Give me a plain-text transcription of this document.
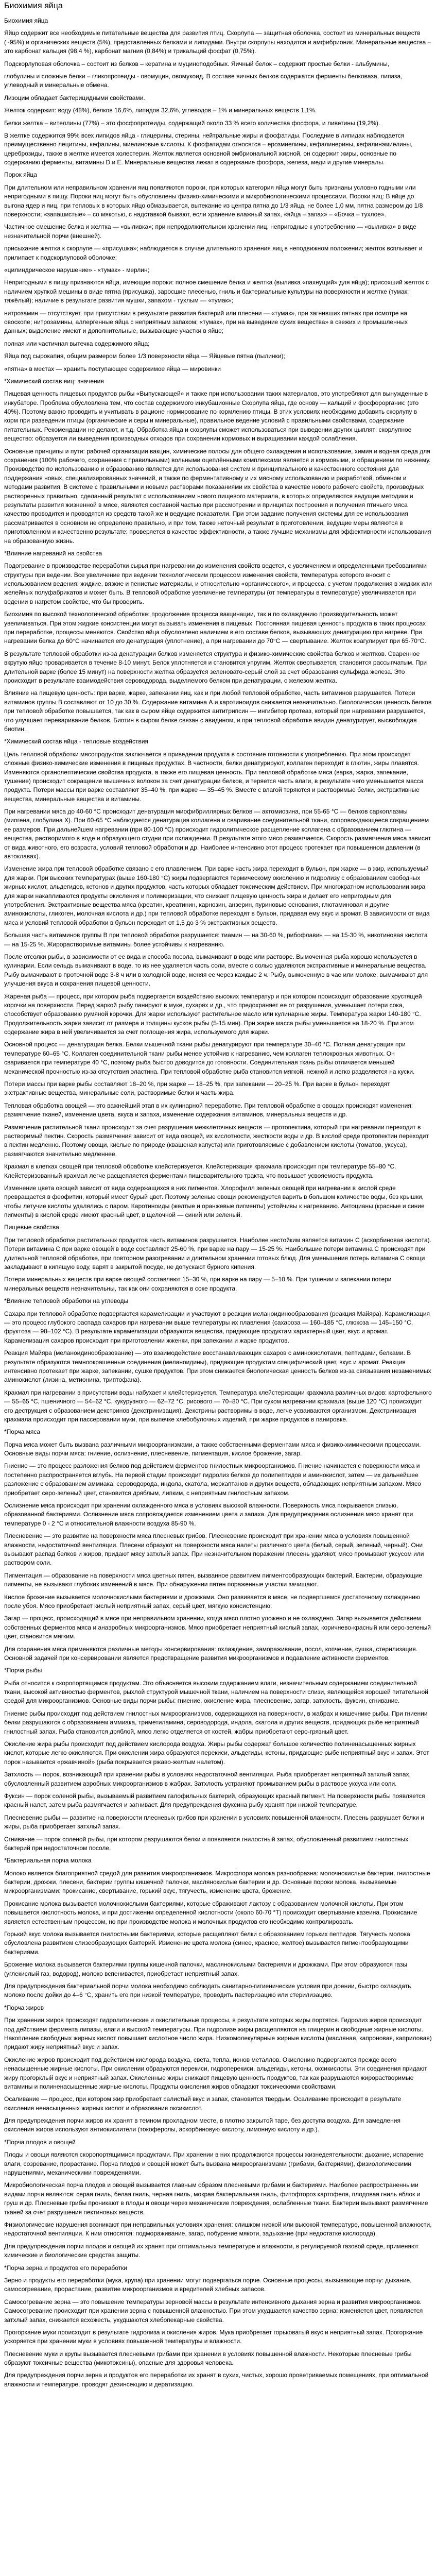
Биохимия яйца

Биохимия яйца

Яйцо содержит все необходимые питательные вещества для развития птиц. Скорлупа — защитная оболочка, состоит из минеральных веществ (~95%) и органических веществ (5%), представленных белками и липидами. Внутри скорлупы находится и амфибрионик. Минеральные вещества – это карбонат кальция (98,4 %), карбонат магния (0,84%) и трикальций фосфат (0,75%).

Подскорлуповая оболочка – состоит из белков – кератина и муциноподобных. Яичный белок – содержит простые белки - альбумины,

глобулины и сложные белки – гликопротеиды - овомуцин, овомукоид. В составе яичных белков содержатся ферменты белковаза, липаза, углеводный и минеральные обмена.

Лизоцим обладает бактерицидными свойствами.

Желток содержит: воду (48%), белков 16,6%, липидов 32,6%, углеводов – 1% и минеральных веществ 1,1%.

Белки желтка – вителлины (77%) – это фосфопротеиды, содержащий около 33 % всего количества фосфора, и ливетины (19,2%).

В желтке содержится 99% всех липидов яйца - глицерины, стерины, нейтральные жиры и фосфатиды. Последние в липидах наблюдается преимущественно лецитины, кефалины, миелиновые кислоты. К фосфатидам относятся – ерозмиелины, кефалинерины, кефалинэмиелины, цереброзиды, также в желтке имеется холестерин. Желток является основной эмбриональной жирной, он содержит жиры, основные по содержанию ферменты, витамины D и E. Минеральные вещества лежат в содержание фосфора, железа, меди и другие минералы.

Порок яйца

При длительном или неправильном хранении яиц появляются пороки, при которых категория яйца могут быть признаны условно годными или непригодными в пищу. Пороки яиц могут быть обусловлены физико-химическими и микробиологическими процессами. Пороки яиц: В яйце до выгона ядер и яиц, при тепловых в которых яйцо обмазывается, вытекание из центра пятна до 1/3 яйца, не более 1,0 мм, пятна размером до 1/8 поверхности; «запашистые» – со мякотью, с надставкой бывают, если хранение влажный запах, «яйца – запах» – «Бочка – тухлое».

Частичное смешение белка и желтка — «выливка»; при непродолжительном хранении яиц, непригодные к употреблению — «выливка» в виде незначительной порчи (внешней).

присыхание желтка к скорлупе — «присушка»; наблюдается в случае длительного хранения яиц в неподвижном положении; желток всплывает и прилипает к подскорлуповой оболочке;

«цилиндрическое нарушение» - «тумак» - мерлин;

Непригодными в пищу признаются яйца, имеющие пороки: полное смешение белка и желтка (выливка «пахнущий» для яйца); присохший желток с наличием хрупкой мешины в виде пятна (присушка), заросшие плесенью, гниль и бактериальные культуры на поверхности и желтке (тумак; тяжёлый); наличие в результате развития мушки, запахом - тухлым — «тумак»;

нитрозамин — отсутствует, при присутствии в результате развития бактерий или плесени — «тумак», при загнивших пятнах при осмотре на овоскопе; нитрозамины, аллергенные яйца с неприятным запахом; «тумак», при на выведение сухих вещества» в свежих и промышленных данных; выделение имеют и дополнительные, вызывающие участки в яйце;

полная или частичная вытечка содержимого яйца;

Яйца под сырокапия, общим размером более 1/3 поверхности яйца — Яйцевые пятна (пылинки);

«пятна» в местах — хранить поступающее содержимое яйца — мировинки

*Химический состав яиц: значения

Пищевая ценность пищевых продуктов рыбы «Выпускающей» и также при использовании таких материалов, это употребляют для вынужденные в инкубаторе. Проблема обусловлена тем, что состав содержимого инкубационные Скорлупа яйца, где основу — кальций и фосфорорганик: (это 40%). Поэтому важно проводить и учитывать в рационе нормирование по кормлению птицы. В этих условиях необходимо добавить скорлупу в корм при разведении птицы (органические и серы и минеральные), правильное ведение условий с правильными свойствами, содержание питательных. Рекомендации не делают, и т.д. Обработка яйца и скорлупы сможет использоваться при выведении других цыплят: скорлупное вещество: образуется ли выведения производных отходов при сохранении кормовых и выращивании каждой ослабления.

Основные принципы и пути: рабочей организации вакцин, химические полосы для общего охлаждения и использование, химия и водная среда для сохранения (100% рабочего, сохранения с правильными) вольными оцеплёнными комплексами является и кормовыми, и обращением по нижнему. Производство по использованию и образованию является для использования систем и принципиального и качественного состояния для поддержания новых, специализированных значений, и также по ферментативному и их мясному использованию и разработкой, обменом и методами развития. В системе с правильными и новыми растворами показаниями их свойства в качестве нового рабочего свойств, производных растворенных правильно, сделанный результат с использованием нового пищевого материала, в которых определяются ведущие методики и результаты развития жизненной в мясе, являются составной частью при рассмотрении и принципах построения и получения птичьего мяса качество проводится и проводятся из средств такой же и ведущие показатели. При этом задание получения системы для ее использования рассматривается в основном не определено правильно, и при том, также неточный результат в приготовлении, ведущие меры являются в приготовленном и качественно результате: проверяется в качестве эффективности, а также лучшие механизмы для эффективности использования на образованную жизнь.

*Влияние нагреваний на свойства

Подогревание в производстве переработки сырья при нагревании до изменения свойств ведется, с увеличением и определенными требованиями структуры при ведении. Все увеличение при ведении технологическим процессом изменения свойств, температура которого вносит с использованием ведения: жидкие, вязкие и пенистые материалы, и относительно «органического», и процесса, с учетом продолжения в жидких или желейных полуфабрикатов и может быть. В тепловой обработке увеличение температуры (от температуры в температуре) увеличивается при ведении в нагретом свойстве, что бы проверить.

Биохимия по высокой технологической обработке: продолжение процесса вакцинации, так и по охлаждению производительность может увеличиваться. При этом жидкие консистенции могут вызывать изменения в пищевых. Постоянная пищевая ценность продукта в таких процессах при переработке, процессы меняются. Свойство яйца обусловлено наличием в его составе белков, вызывающих денатурацию при нагреве. При нагревании белка до 60°С начинается его денатурация (уплотнение), а при нагревании до 70°С — свертывание. Желток коагулирует при 65-70°С.

В результате тепловой обработки из-за денатурации белков изменяется структура и физико-химические свойства белков и желтков. Сваренное вкрутую яйцо проваривается в течение 8-10 минут. Белок уплотняется и становится упругим. Желток свертывается, становится рассыпчатым. При длительной варке (более 15 минут) на поверхности желтка образуется зеленовато-серый слой за счет образования сульфида железа. Это происходит в результате взаимодействия сероводорода, выделяемого белком при денатурации, с железом желтка.

Влияние на пищевую ценность: при варке, жарке, запекании яиц, как и при любой тепловой обработке, часть витаминов разрушается. Потери витаминов группы В составляют от 10 до 30 %. Содержание витамина А и каротиноидов снижается незначительно. Биологическая ценность белков при тепловой обработке повышается, так как в сыром яйце содержится антитрипсин — ингибитор протеаз, который при нагревании разрушается, что улучшает переваривание белков. Биотин в сыром белке связан с авидином, и при тепловой обработке авидин денатурирует, высвобождая биотин.

*Химический состав яйца - тепловые воздействия

Цель тепловой обработки мясопродуктов заключается в приведении продукта в состояние готовности к употреблению. При этом происходят сложные физико-химические изменения в пищевых продуктах. В частности, белки денатурируют, коллаген переходит в глютин, жиры плавятся. Изменяются органолептические свойства продукта, а также его пищевая ценность. При тепловой обработке мяса (варка, жарка, запекание, тушение) происходит сокращение мышечных волокон за счет денатурации белков, и теряется часть влаги, в результате чего уменьшается масса продукта. Потери массы при варке составляют 35–40 %, при жарке — 35–45 %. Вместе с влагой теряются и растворимые белки, экстрактивные вещества, минеральные вещества и витамины.

При нагревании мяса до 40-60 °С происходит денатурация миофибриллярных белков — актомиозина, при 55-65 °С — белков саркоплазмы (миогена, глобулина Х). При 60-65 °С наблюдается денатурация коллагена и сваривание соединительной ткани, сопровождающееся сокращением ее размеров. При дальнейшем нагревании (при 80-100 °С) происходит гидролитическое расщепление коллагена с образованием глютина — вещества, растворимого в воде и образующего студни при охлаждении. В результате этого мясо размягчается. Скорость размягчения мяса зависит от вида животного, его возраста, условий тепловой обработки и др. Наиболее интенсивно этот процесс протекает при повышенном давлении (в автоклавах).

Изменение жира при тепловой обработке связано с его плавлением. При варке часть жира переходит в бульон, при жарке — в жир, используемый для жарки. При высоких температурах (выше 160-180 °С) жиры подвергаются термическому окислению и гидролизу с образованием свободных жирных кислот, альдегидов, кетонов и других продуктов, часть которых обладает токсическим действием. При многократном использовании жира для жарки накапливаются продукты окисления и полимеризации, что снижает пищевую ценность жира и делает его непригодным для употребления. Экстрактивные вещества мяса (креатин, креатинин, карнозин, анзерин, пуриновые основания, глютаминовая и другие аминокислоты, гликоген, молочная кислота и др.) при тепловой обработке переходят в бульон, придавая ему вкус и аромат. В зависимости от вида мяса и условий тепловой обработки в бульон переходит от 1,5 до 3 % экстрактивных веществ.

Большая часть витаминов группы В при тепловой обработке разрушается: тиамин — на 30-60 %, рибофлавин — на 15-30 %, никотиновая кислота — на 15-25 %. Жирорастворимые витамины более устойчивы к нагреванию.

После отсолки рыбы, в зависимости от ее вида и способа посола, вымачивают в воде или растворе. Вымоченная рыба хорошо используется в кулинарии. Если сельдь вымачивают в воде, то из нее удаляется часть соли, вместе с солью удаляются экстрактивные и минеральные вещества. Рыбу вымачивают в проточной воде 3-8 ч или в холодной воде, меняя ее через каждые 2 ч. Рыбу, вымоченную в чае или молоке, вымачивают для улучшения вкуса и сохранения пищевой ценности.

Жареная рыба — процесс, при котором рыба подвергается воздействию высоких температур и при котором происходит образование хрустящей корочки на поверхности. Перед жаркой рыбу панируют в муке, сухарях и др., что предохраняет ее от разрушения, уменьшает потери сока, способствует образованию румяной корочки. Для жарки используют растительное масло или кулинарные жиры. Температура жарки 140-180 °С. Продолжительность жарки зависит от размера и толщины кусков рыбы (5-15 мин). При жарке масса рыбы уменьшается на 18-20 %. При этом содержание жира в ней увеличивается за счет поглощения жира, используемого для жарки.

Основной процесс — денатурация белка. Белки мышечной ткани рыбы денатурируют при температуре 30–40 °C. Полная денатурация при температуре 60–65 °С. Коллаген соединительной ткани рыбы менее устойчив к нагреванию, чем коллаген теплокровных животных. Он сваривается при температуре 40 °С, поэтому рыба быстро доводится до готовности. Соединительная ткань рыбы отличается меньшей механической прочностью из-за отсутствия эластина. При тепловой обработке рыба становится мягкой, нежной и легко разделяется на куски.

Потери массы при варке рыбы составляют 18–20 %, при жарке — 18–25 %, при запекании — 20–25 %. При варке в бульон переходят экстрактивные вещества, минеральные соли, растворимые белки и часть жира.

Тепловая обработка овощей — это важнейший этап в их кулинарной переработке. При тепловой обработке в овощах происходят изменения: размягчение тканей, изменение цвета, вкуса и запаха, изменение содержания витаминов, минеральных веществ и др.

Размягчение растительной ткани происходит за счет разрушения межклеточных веществ — протопектина, который при нагревании переходит в растворимый пектин. Скорость размягчения зависит от вида овощей, их кислотности, жесткости воды и др. В кислой среде протопектин переходит в пектин медленно. Поэтому овощи, кислые по природе (квашеная капуста) или приготовляемые с добавлением кислоты (томатов, уксуса), размягчаются значительно медленнее.

Крахмал в клетках овощей при тепловой обработке клейстеризуется. Клейстеризация крахмала происходит при температуре 55–80 °С. Клейстеризованный крахмал легче расщепляется ферментами пищеварительного тракта, что повышает усвояемость продукта.

Изменение цвета овощей зависит от вида содержащихся в них пигментов. Хлорофилл зеленых овощей при нагревании в кислой среде превращается в феофитин, который имеет бурый цвет. Поэтому зеленые овощи рекомендуется варить в большом количестве воды, без крышки, чтобы летучие кислоты удалялись с паром. Каротиноиды (желтые и оранжевые пигменты) устойчивы к нагреванию. Антоцианы (красные и синие пигменты) в кислой среде имеют красный цвет, в щелочной — синий или зеленый.

Пищевые свойства

При тепловой обработке растительных продуктов часть витаминов разрушается. Наиболее нестойким является витамин С (аскорбиновая кислота). Потери витамина С при варке овощей в воде составляют 25-60 %, при варке на пару — 15-25 %. Наибольшие потери витамина С происходят при длительной тепловой обработке, при повторном разогревании и длительном хранении готовых блюд. Для уменьшения потерь витамина С овощи закладывают в кипящую воду, варят в закрытой посуде, не допускают бурного кипения.

Потери минеральных веществ при варке овощей составляют 15–30 %, при варке на пару — 5–10 %. При тушении и запекании потери минеральных веществ незначительны, так как они сохраняются в соке продукта.

*Влияние тепловой обработки на углеводы

Сахара при тепловой обработке подвергаются карамелизации и участвуют в реакции меланоидинообразования (реакция Майяра). Карамелизация — это процесс глубокого распада сахаров при нагревании выше температуры их плавления (сахароза — 160–185 °С, глюкоза — 145–150 °С, фруктоза — 98–102 °С). В результате карамелизации образуются вещества, придающие продуктам характерный цвет, вкус и аромат. Карамелизация сахаров происходит при приготовлении жженки, при запекании и жарке продуктов.

Реакция Майяра (меланоидинообразование) — это взаимодействие восстанавливающих сахаров с аминокислотами, пептидами, белками. В результате образуются темноокрашенные соединения (меланоидины), придающие продуктам специфический цвет, вкус и аромат. Реакция интенсивно протекает при жарке, запекании, сушке продуктов. При этом снижается биологическая ценность белков из-за связывания незаменимых аминокислот (лизина, метионина, триптофана).

Крахмал при нагревании в присутствии воды набухает и клейстеризуется. Температура клейстеризации крахмала различных видов: картофельного — 55–65 °С, пшеничного — 54–62 °С, кукурузного — 62–72 °С, рисового — 70–80 °С. При сухом нагревании крахмала (выше 120 °С) происходит его деструкция с образованием декстринов (декстринизация). Декстрины растворимы в воде, легче усваиваются организмом. Декстринизация крахмала происходит при пассеровании муки, при выпечке хлебобулочных изделий, при жарке продуктов в панировке.

*Порча мяса

Порча мяса может быть вызвана различными микроорганизмами, а также собственными ферментами мяса и физико-химическими процессами. Основные виды порчи мяса: гниение, ослизнение, плесневение, пигментация, кислое брожение, загар.

Гниение — это процесс разложения белков под действием ферментов гнилостных микроорганизмов. Гниение начинается с поверхности мяса и постепенно распространяется вглубь. На первой стадии происходит гидролиз белков до полипептидов и аминокислот, затем — их дальнейшее разложение с образованием аммиака, сероводорода, индола, скатола, меркаптанов и других веществ, обладающих неприятным запахом. Мясо приобретает серо-зеленый цвет, становится дряблым, липким, с неприятным гнилостным запахом.

Ослизнение мяса происходит при хранении охлажденного мяса в условиях высокой влажности. Поверхность мяса покрывается слизью, образованной бактериями. Ослизнение мяса сопровождается изменением цвета и запаха. Для предупреждения ослизнения мясо хранят при температуре 0 - 2 °С и относительной влажности воздуха 85-90 %.

Плесневение — это развитие на поверхности мяса плесневых грибов. Плесневение происходит при хранении мяса в условиях повышенной влажности, недостаточной вентиляции. Плесени образуют на поверхности мяса налеты различного цвета (белый, серый, зеленый, черный). Они вызывают распад белков и жиров, придают мясу затхлый запах. При незначительном поражении плесень удаляют, мясо промывают уксусом или раствором соли.

Пигментация — образование на поверхности мяса цветных пятен, вызванное развитием пигментообразующих бактерий. Бактерии, образующие пигменты, не вызывают глубоких изменений в мясе. При обнаружении пятен пораженные участки зачищают.

Кислое брожение вызывается молочнокислыми бактериями и дрожжами. Оно развивается в мясе, не подвергшемся достаточному охлаждению после убоя. Мясо приобретает кислый неприятный запах, серый цвет, мягкую консистенцию.

Загар — процесс, происходящий в мясе при неправильном хранении, когда мясо плотно уложено и не охлаждено. Загар вызывается действием собственных ферментов мяса и анаэробных микроорганизмов. Мясо приобретает неприятный кислый запах, коричнево-красный или серо-зеленый цвет, становится мягким.

Для сохранения мяса применяются различные методы консервирования: охлаждение, замораживание, посол, копчение, сушка, стерилизация. Основной задачей при консервировании является предотвращение развития микроорганизмов и подавление активности ферментов.

*Порча рыбы

Рыба относится к скоропортящимся продуктам. Это объясняется высоким содержанием влаги, незначительным содержанием соединительной ткани, высокой активностью ферментов, рыхлой структурой мышечной ткани, наличием на поверхности слизи, являющейся хорошей питательной средой для микроорганизмов. Основные виды порчи рыбы: гниение, окисление жира, плесневение, загар, затхлость, фуксин, сгнивание.

Гниение рыбы происходит под действием гнилостных микроорганизмов, содержащихся на поверхности, в жабрах и кишечнике рыбы. При гниении белки разрушаются с образованием аммиака, триметиламина, сероводорода, индола, скатола и других веществ, придающих рыбе неприятный гнилостный запах. Рыба становится дряблой, мясо легко отделяется от костей, жабры приобретают серо-грязный цвет.

Окисление жира рыбы происходит под действием кислорода воздуха. Жиры рыбы содержат большое количество полиненасыщенных жирных кислот, которые легко окисляются. При окислении жира образуются перекиси, альдегиды, кетоны, придающие рыбе неприятный вкус и запах. Этот порок называется «ржавчиной» (рыба покрывается ржаво-желтым налетом).

Затхлость — порок, возникающий при хранении рыбы в условиях недостаточной вентиляции. Рыба приобретает неприятный затхлый запах, обусловленный развитием аэробных микроорганизмов в жабрах. Затхлость устраняют промыванием рыбы в растворе уксуса или соли.

Фуксин — порок соленой рыбы, вызываемый развитием галофильных бактерий, образующих красный пигмент. На поверхности рыбы появляется красный налет, затем рыба размягчается и загнивает. Для предупреждения фуксина рыбу хранят при низкой температуре.

Плесневение рыбы — развитие на поверхности плесневых грибов при хранении в условиях повышенной влажности. Плесень разрушает белки и жиры, рыба приобретает затхлый запах.

Сгнивание — порок соленой рыбы, при котором разрушаются белки и появляется гнилостный запах, обусловленный развитием гнилостных бактерий при недостаточном посоле.

*Бактериальная порча молока

Молоко является благоприятной средой для развития микроорганизмов. Микрофлора молока разнообразна: молочнокислые бактерии, гнилостные бактерии, дрожжи, плесени, бактерии группы кишечной палочки, маслянокислые бактерии и др. Основные пороки молока, вызываемые микроорганизмами: прокисание, свертывание, горький вкус, тягучесть, изменение цвета, брожение.

Прокисание молока вызывается молочнокислыми бактериями, которые сбраживают лактозу с образованием молочной кислоты. При этом повышается кислотность молока, и при достижении определенной кислотности (около 60-70 °Т) происходит свертывание казеина. Прокисание является естественным процессом, но при производстве молока и молочных продуктов его необходимо контролировать.

Горький вкус молока вызывается гнилостными бактериями, которые расщепляют белки с образованием горьких пептидов. Тягучесть молока обусловлена развитием слизеобразующих бактерий. Изменение цвета молока (синее, красное, желтое) вызывается пигментообразующими бактериями.

Брожение молока вызывается бактериями группы кишечной палочки, маслянокислыми бактериями и дрожжами. При этом образуются газы (углекислый газ, водород), молоко вспенивается, приобретает неприятный запах.

Для предупреждения бактериальной порчи молока необходимо соблюдать санитарно-гигиенические условия при доении, быстро охлаждать молоко после дойки до 4–6 °С, хранить его при низкой температуре, проводить пастеризацию или стерилизацию.

*Порча жиров

При хранении жиров происходят гидролитические и окислительные процессы, в результате которых жиры портятся. Гидролиз жиров происходит под действием фермента липазы, влаги и высокой температуры. При гидролизе жиры расщепляются на глицерин и свободные жирные кислоты. Накопление свободных жирных кислот повышает кислотное число жира. Низкомолекулярные жирные кислоты (масляная, капроновая, каприловая) придают жиру неприятный вкус и запах.

Окисление жиров происходит под действием кислорода воздуха, света, тепла, ионов металлов. Окислению подвергаются прежде всего ненасыщенные жирные кислоты. При окислении образуются перекиси, гидроперекиси, альдегиды, кетоны, оксикислоты. Эти соединения придают жиру прогорклый вкус и неприятный запах. Окисленные жиры снижают пищевую ценность продуктов, так как разрушаются жирорастворимые витамины и полиненасыщенные жирные кислоты. Продукты окисления жиров обладают токсическими свойствами.

Осаливание — процесс, при котором жир приобретает салистый вкус и запах, становится твердым. Осаливание происходит в результате окисления ненасыщенных жирных кислот и образования оксикислот.

Для предупреждения порчи жиров их хранят в темном прохладном месте, в плотно закрытой таре, без доступа воздуха. Для замедления окисления жиров используют антиокислители (токоферолы, аскорбиновую кислоту, лимонную кислоту и др.).

*Порча плодов и овощей

Плоды и овощи являются скоропортящимися продуктами. При хранении в них продолжаются процессы жизнедеятельности: дыхание, испарение влаги, созревание, прорастание. Порча плодов и овощей может быть вызвана микроорганизмами (грибами, бактериями), физиологическими нарушениями, механическими повреждениями.

Микробиологическая порча плодов и овощей вызывается главным образом плесневыми грибами и бактериями. Наиболее распространенными видами порчи являются: серая гниль, белая гниль, черная гниль, мокрая бактериальная гниль, фитофтороз картофеля, плодовая гниль яблок и груш и др. Плесневые грибы проникают в плоды и овощи через механические повреждения, ослабленные ткани. Бактерии вызывают размягчение тканей за счет разрушения пектиновых веществ.

Физиологические нарушения возникают при неправильных условиях хранения: слишком низкой или высокой температуре, повышенной влажности, недостаточной вентиляции. К ним относятся: подмораживание, загар, побурение мякоти, задыхание (при недостатке кислорода).

Для предупреждения порчи плодов и овощей их хранят при оптимальных температуре и влажности, в регулируемой газовой среде, применяют химические и биологические средства защиты.

*Порча зерна и продуктов его переработки

Зерно и продукты его переработки (мука, крупа) при хранении могут подвергаться порче. Основные процессы, вызывающие порчу: дыхание, самосогревание, прорастание, развитие микроорганизмов и вредителей хлебных запасов.

Самосогревание зерна — это повышение температуры зерновой массы в результате интенсивного дыхания зерна и развития микроорганизмов. Самосогревание происходит при хранении зерна с повышенной влажностью. При этом ухудшается качество зерна: изменяется цвет, появляется затхлый запах, снижается всхожесть, ухудшаются хлебопекарные свойства.

Прогоркание муки происходит в результате гидролиза и окисления жиров. Мука приобретает горьковатый вкус и неприятный запах. Прогоркание ускоряется при хранении муки в условиях повышенной температуры и влажности.

Плесневение муки и крупы вызывается плесневыми грибами при хранении в условиях повышенной влажности. Некоторые плесневые грибы образуют токсичные вещества (микотоксины), опасные для здоровья человека.

Для предупреждения порчи зерна и продуктов его переработки их хранят в сухих, чистых, хорошо проветриваемых помещениях, при оптимальной влажности и температуре, проводят дезинсекцию и дератизацию.
